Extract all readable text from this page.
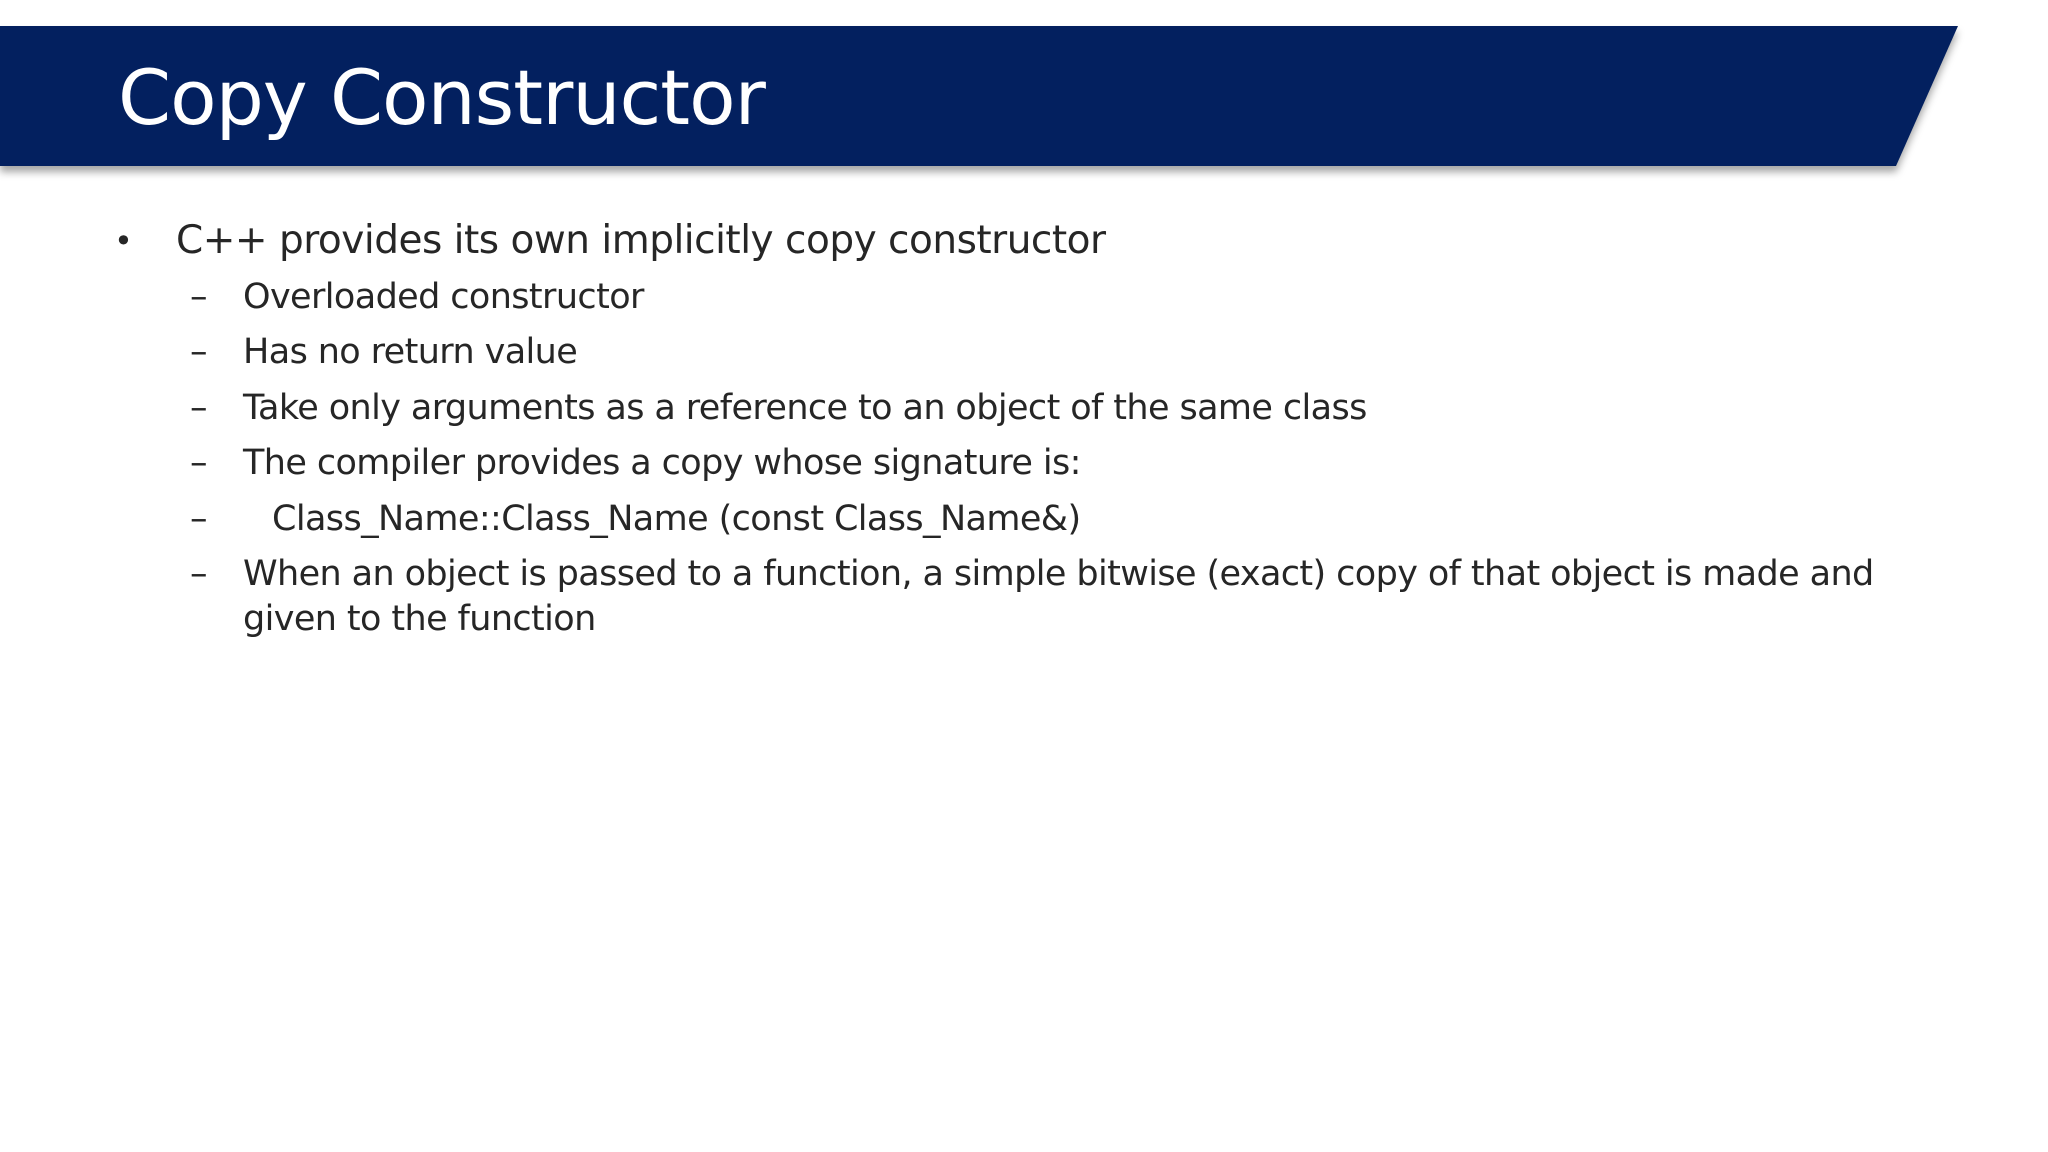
Copy Constructor
• C++ provides its own implicitly copy constructor
–	Overloaded constructor
–	Has no return value
–	Take only arguments as a reference to an object of the same class
–	The compiler provides a copy whose signature is:
–	Class_Name::Class_Name (const Class_Name&)
–	When an object is passed to a function, a simple bitwise (exact) copy of that object is made and given to the function
